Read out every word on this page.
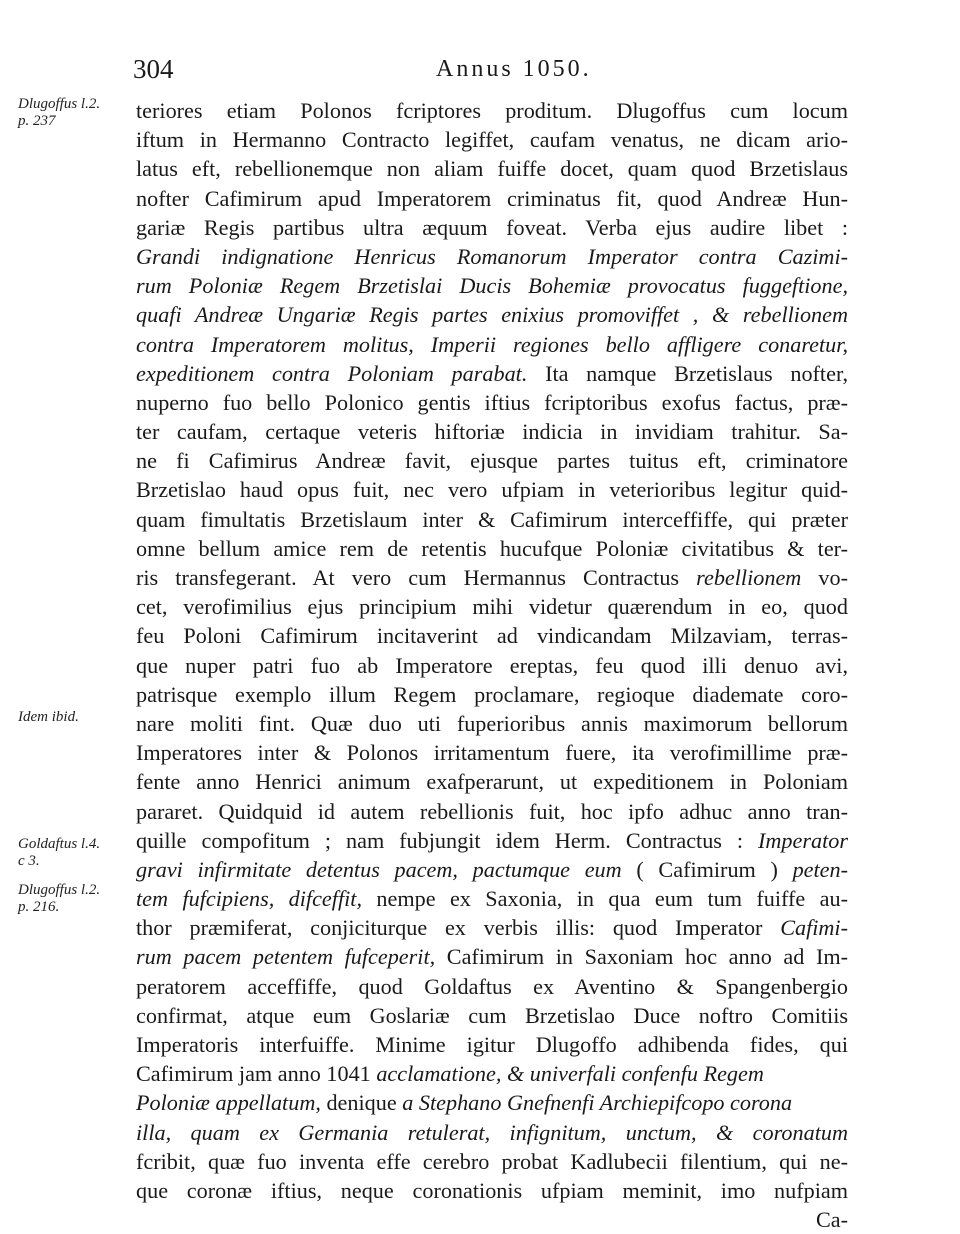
304	Annus 1050.
Dlugoffus l.2.
p. 237
Idem ibid.
Goldaftus l.4.
c 3.
Dlugoffus l.2.
p. 216.
teriores etiam Polonos fcriptores proditum. Dlugoffus cum locum
iftum in Hermanno Contracto legiffet, caufam venatus, ne dicam ario-
latus eft, rebellionemque non aliam fuiffe docet, quam quod Brzetislaus
nofter Cafimirum apud Imperatorem criminatus fit, quod Andreæ Hun-
gariæ Regis partibus ultra æquum foveat. Verba ejus audire libet :
Grandi indignatione Henricus Romanorum Imperator contra Cazimi-
rum Poloniæ Regem Brzetislai Ducis Bohemiæ provocatus fuggeftione,
quafi Andreæ Ungariæ Regis partes enixius promoviffet , & rebellionem
contra Imperatorem molitus, Imperii regiones bello affligere conaretur,
expeditionem contra Poloniam parabat. Ita namque Brzetislaus nofter,
nuperno fuo bello Polonico gentis iftius fcriptoribus exofus factus, præ-
ter caufam, certaque veteris hiftoriæ indicia in invidiam trahitur. Sa-
ne fi Cafimirus Andreæ favit, ejusque partes tuitus eft, criminatore
Brzetislao haud opus fuit, nec vero ufpiam in veterioribus legitur quid-
quam fimultatis Brzetislaum inter & Cafimirum interceffiffe, qui præter
omne bellum amice rem de retentis hucufque Poloniæ civitatibus & ter-
ris transfegerant. At vero cum Hermannus Contractus rebellionem vo-
cet, verofimilius ejus principium mihi videtur quærendum in eo, quod
feu Poloni Cafimirum incitaverint ad vindicandam Milzaviam, terras-
que nuper patri fuo ab Imperatore ereptas, feu quod illi denuo avi,
patrisque exemplo illum Regem proclamare, regioque diademate coro-
nare moliti fint. Quæ duo uti fuperioribus annis maximorum bellorum
Imperatores inter & Polonos irritamentum fuere, ita verofimillime præ-
fente anno Henrici animum exafperarunt, ut expeditionem in Poloniam
pararet. Quidquid id autem rebellionis fuit, hoc ipfo adhuc anno tran-
quille compofitum ; nam fubjungit idem Herm. Contractus : Imperator
gravi infirmitate detentus pacem, pactumque eum ( Cafimirum ) peten-
tem fufcipiens, difceffit, nempe ex Saxonia, in qua eum tum fuiffe au-
thor præmiferat, conjiciturque ex verbis illis: quod Imperator Cafimi-
rum pacem petentem fufceperit, Cafimirum in Saxoniam hoc anno ad Im-
peratorem acceffiffe, quod Goldaftus ex Aventino & Spangenbergio
confirmat, atque eum Goslariæ cum Brzetislao Duce noftro Comitiis
Imperatoris interfuiffe. Minime igitur Dlugoffo adhibenda fides, qui
Cafimirum jam anno 1041 acclamatione, & univerfali confenfu Regem
Poloniæ appellatum, denique a Stephano Gnefnenfi Archiepifcopo corona
illa, quam ex Germania retulerat, infignitum, unctum, & coronatum
fcribit, quæ fuo inventa effe cerebro probat Kadlubecii filentium, qui ne-
que coronæ iftius, neque coronationis ufpiam meminit, imo nufpiam
Ca-
